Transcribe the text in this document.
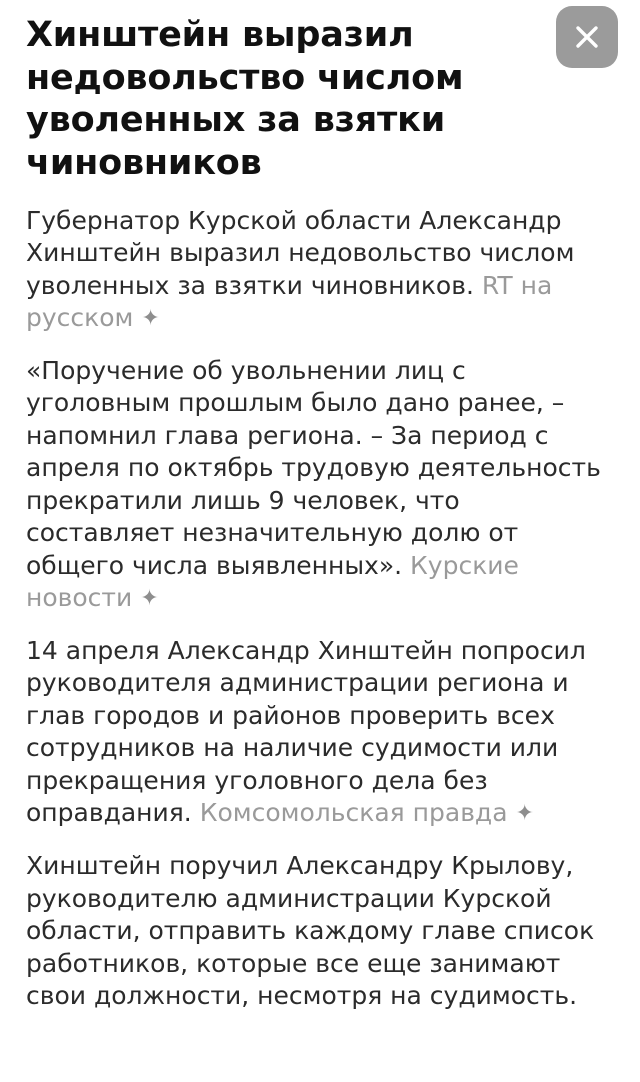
Хинштейн выразил недовольство числом уволенных за взятки чиновников

Губернатор Курской области Александр Хинштейн выразил недовольство числом уволенных за взятки чиновников. RT на русском ✦

«Поручение об увольнении лиц с уголовным прошлым было дано ранее, – напомнил глава региона. – За период с апреля по октябрь трудовую деятельность прекратили лишь 9 человек, что составляет незначительную долю от общего числа выявленных». Курские новости ✦

14 апреля Александр Хинштейн попросил руководителя администрации региона и глав городов и районов проверить всех сотрудников на наличие судимости или прекращения уголовного дела без оправдания. Комсомольская правда ✦

Хинштейн поручил Александру Крылову, руководителю администрации Курской области, отправить каждому главе список работников, которые все еще занимают свои должности, несмотря на судимость.
